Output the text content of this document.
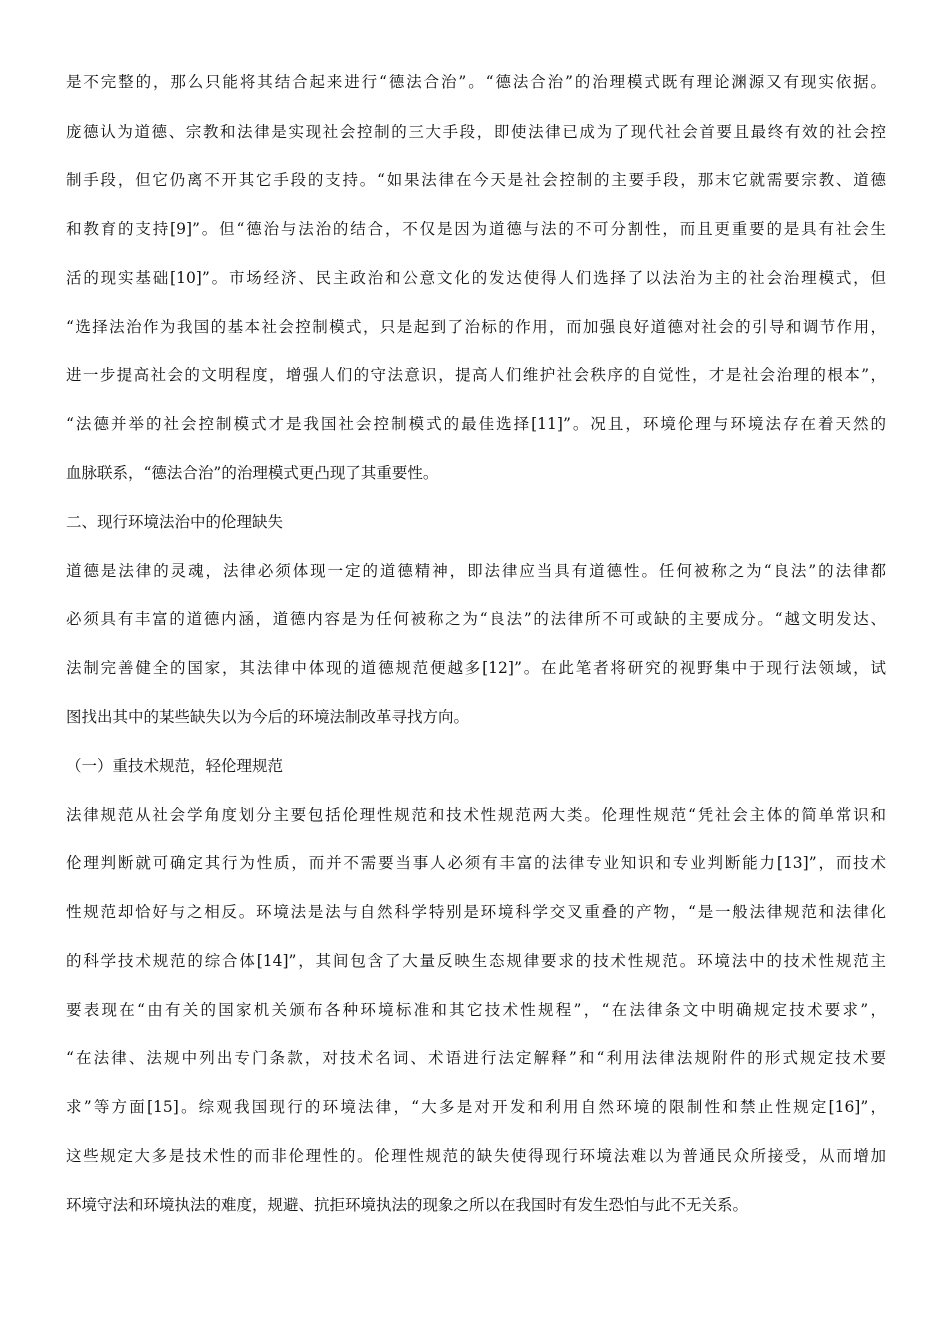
是不完整的，那么只能将其结合起来进行“德法合治”。“德法合治”的治理模式既有理论渊源又有现实依据。
庞德认为道德、宗教和法律是实现社会控制的三大手段，即使法律已成为了现代社会首要且最终有效的社会控
制手段，但它仍离不开其它手段的支持。“如果法律在今天是社会控制的主要手段，那末它就需要宗教、道德
和教育的支持[9]”。但“德治与法治的结合，不仅是因为道德与法的不可分割性，而且更重要的是具有社会生
活的现实基础[10]”。市场经济、民主政治和公意文化的发达使得人们选择了以法治为主的社会治理模式，但
“选择法治作为我国的基本社会控制模式，只是起到了治标的作用，而加强良好道德对社会的引导和调节作用，
进一步提高社会的文明程度，增强人们的守法意识，提高人们维护社会秩序的自觉性，才是社会治理的根本”，
“法德并举的社会控制模式才是我国社会控制模式的最佳选择[11]”。况且，环境伦理与环境法存在着天然的
血脉联系，“德法合治”的治理模式更凸现了其重要性。
二、现行环境法治中的伦理缺失
道德是法律的灵魂，法律必须体现一定的道德精神，即法律应当具有道德性。任何被称之为“良法”的法律都
必须具有丰富的道德内涵，道德内容是为任何被称之为“良法”的法律所不可或缺的主要成分。“越文明发达、
法制完善健全的国家，其法律中体现的道德规范便越多[12]”。在此笔者将研究的视野集中于现行法领域，试
图找出其中的某些缺失以为今后的环境法制改革寻找方向。
（一）重技术规范，轻伦理规范
法律规范从社会学角度划分主要包括伦理性规范和技术性规范两大类。伦理性规范“凭社会主体的简单常识和
伦理判断就可确定其行为性质，而并不需要当事人必须有丰富的法律专业知识和专业判断能力[13]”，而技术
性规范却恰好与之相反。环境法是法与自然科学特别是环境科学交叉重叠的产物，“是一般法律规范和法律化
的科学技术规范的综合体[14]”，其间包含了大量反映生态规律要求的技术性规范。环境法中的技术性规范主
要表现在“由有关的国家机关颁布各种环境标准和其它技术性规程”，“在法律条文中明确规定技术要求”，
“在法律、法规中列出专门条款，对技术名词、术语进行法定解释”和“利用法律法规附件的形式规定技术要
求”等方面[15]。综观我国现行的环境法律，“大多是对开发和利用自然环境的限制性和禁止性规定[16]”，
这些规定大多是技术性的而非伦理性的。伦理性规范的缺失使得现行环境法难以为普通民众所接受，从而增加
环境守法和环境执法的难度，规避、抗拒环境执法的现象之所以在我国时有发生恐怕与此不无关系。
